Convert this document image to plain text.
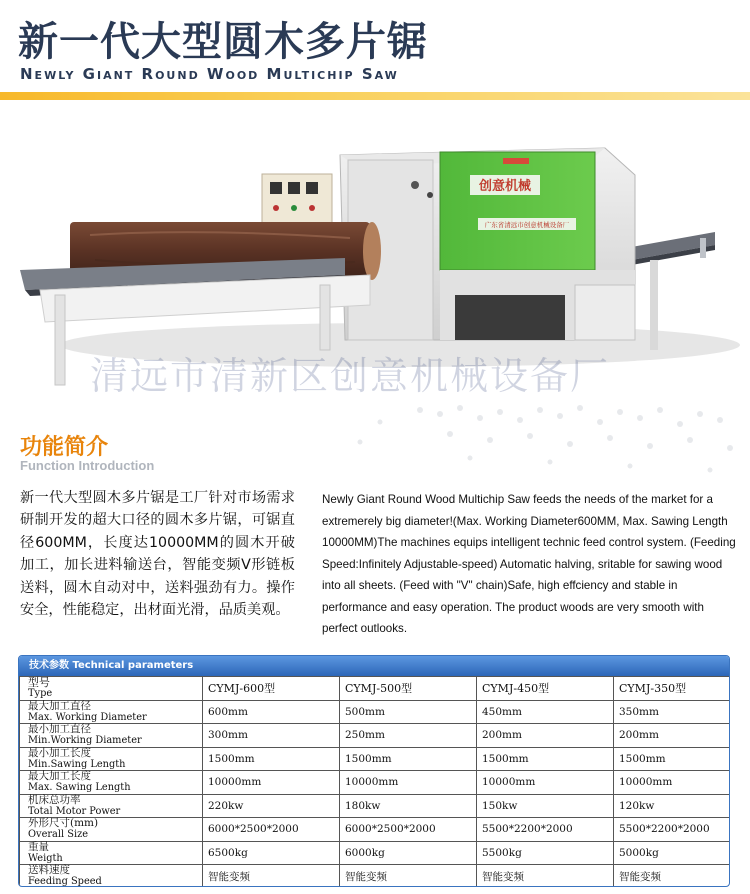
新一代大型圆木多片锯
Newly Giant Round Wood Multichip Saw
创意机械
广东省清远市创意机械设备厂
清远市清新区创意机械设备厂
功能简介
Function Introduction
新一代大型圆木多片锯是工厂针对市场需求研制开发的超大口径的圆木多片锯，可锯直径600MM，长度达10000MM的圆木开破加工，加长进料输送台，智能变频V形链板送料，圆木自动对中，送料强劲有力。操作安全，性能稳定，出材面光滑，品质美观。
Newly Giant Round Wood Multichip Saw feeds the needs of the market for a extremerely big diameter!(Max. Working Diameter600MM, Max. Sawing Length 10000MM)The machines equips intelligent technic feed control system. (Feeding Speed:Infinitely Adjustable-speed) Automatic halving, sritable for sawing wood into all sheets. (Feed with "V" chain)Safe, high effciency and stable in performance and easy operation. The product woods are very smooth with perfect outlooks.
技术参数 Technical parameters
型号
Type	CYMJ-600型	CYMJ-500型	CYMJ-450型	CYMJ-350型
最大加工直径
Max. Working Diameter	600mm	500mm	450mm	350mm
最小加工直径
Min.Working Diameter	300mm	250mm	200mm	200mm
最小加工长度
Min.Sawing Length	1500mm	1500mm	1500mm	1500mm
最大加工长度
Max. Sawing Length	10000mm	10000mm	10000mm	10000mm
机床总功率
Total Motor Power	220kw	180kw	150kw	120kw
外形尺寸(mm)
Overall Size	6000*2500*2000	6000*2500*2000	5500*2200*2000	5500*2200*2000
重量
Weigth	6500kg	6000kg	5500kg	5000kg
送料速度
Feeding Speed	智能变频	智能变频	智能变频	智能变频
